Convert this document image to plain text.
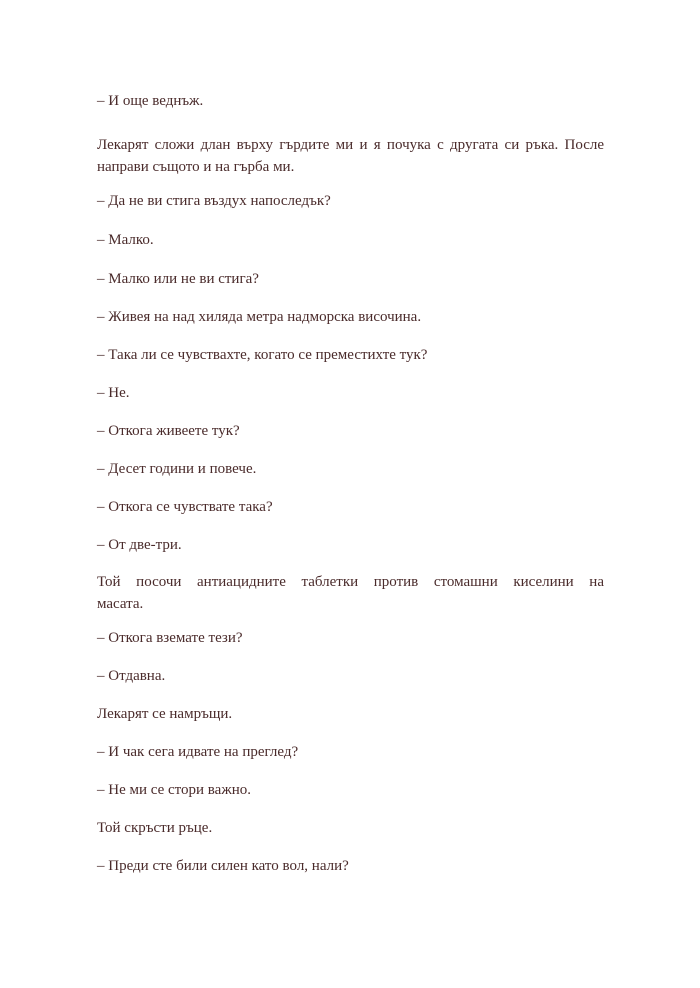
– И още веднъж.

Лекарят сложи длан върху гърдите ми и я почука с другата си ръка. После направи същото и на гърба ми.

– Да не ви стига въздух напоследък?

– Малко.

– Малко или не ви стига?

– Живея на над хиляда метра надморска височина.

– Така ли се чувствахте, когато се преместихте тук?

– Не.

– Откога живеете тук?

– Десет години и повече.

– Откога се чувствате така?

– От две-три.

Той посочи антиацидните таблетки против стомашни киселини на масата.

– Откога вземате тези?

– Отдавна.

Лекарят се намръщи.

– И чак сега идвате на преглед?

– Не ми се стори важно.

Той скръсти ръце.

– Преди сте били силен като вол, нали?
